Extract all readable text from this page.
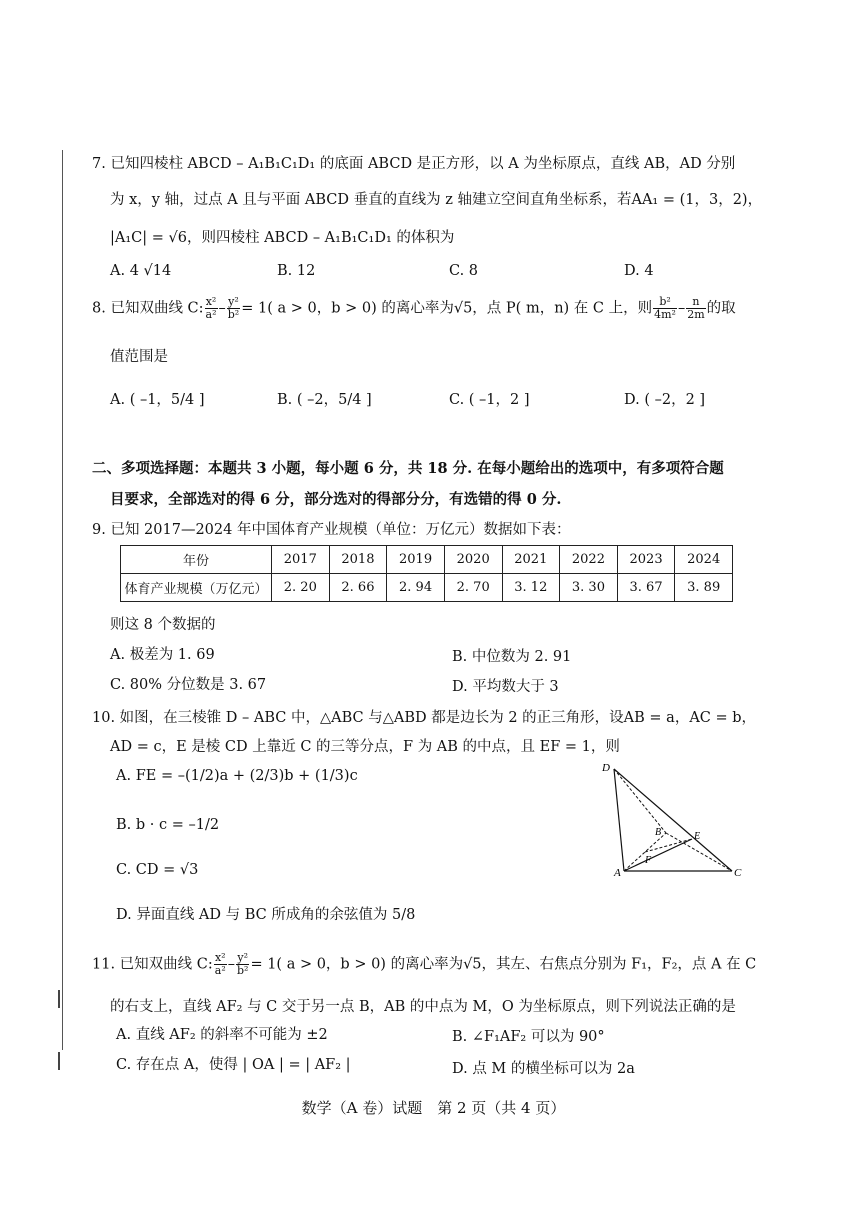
7. 已知四棱柱 ABCD – A₁B₁C₁D₁ 的底面 ABCD 是正方形，以 A 为坐标原点，直线 AB，AD 分别
为 x，y 轴，过点 A 且与平面 ABCD 垂直的直线为 z 轴建立空间直角坐标系，若AA₁ = (1，3，2)，
|A₁C| = √6，则四棱柱 ABCD – A₁B₁C₁D₁ 的体积为
A. 4 √14	B. 12	C. 8	D. 4
8. 已知双曲线 C: $\frac{\text{x²}}{\text{a²}} - \frac{\text{y²}}{\text{b²}} = 1$( a > 0，b > 0) 的离心率为√5，点 P( m，n) 在 C 上，则 $\frac{\text{b²}}{\text{4m²}} - \frac{n}{2m}$ 的取
值范围是
A. ( –1，5/4 ]	B. ( –2，5/4 ]	C. ( –1，2 ]	D. ( –2，2 ]
二、多项选择题：本题共 3 小题，每小题 6 分，共 18 分. 在每小题给出的选项中，有多项符合题
目要求，全部选对的得 6 分，部分选对的得部分分，有选错的得 0 分.
9. 已知 2017—2024 年中国体育产业规模（单位：万亿元）数据如下表：
年份	2017	2018	2019	2020	2021	2022	2023	2024
体育产业规模（万亿元）	2. 20	2. 66	2. 94	2. 70	3. 12	3. 30	3. 67	3. 89
则这 8 个数据的
A. 极差为 1. 69	B. 中位数为 2. 91
C. 80% 分位数是 3. 67	D. 平均数大于 3
10. 如图，在三棱锥 D – ABC 中，△ABC 与△ABD 都是边长为 2 的正三角形，设AB = a，AC = b，
AD = c，E 是棱 CD 上靠近 C 的三等分点，F 为 AB 的中点，且 EF = 1，则
A. FE = –(1/2)a + (2/3)b + (1/3)c
B. b · c = –1/2
C. CD = √3
D. 异面直线 AD 与 BC 所成角的余弦值为 5/8
D
B	E
F
A	C
11. 已知双曲线 C: $\frac{\text{x²}}{\text{a²}} - \frac{\text{y²}}{\text{b²}} = 1$( a > 0，b > 0) 的离心率为√5，其左、右焦点分别为 F₁，F₂，点 A 在 C
的右支上，直线 AF₂ 与 C 交于另一点 B，AB 的中点为 M，O 为坐标原点，则下列说法正确的是
A. 直线 AF₂ 的斜率不可能为 ±2	B. ∠F₁AF₂ 可以为 90°
C. 存在点 A，使得 | OA | = | AF₂ |	D. 点 M 的横坐标可以为 2a
数学（A 卷）试题　第 2 页（共 4 页）
